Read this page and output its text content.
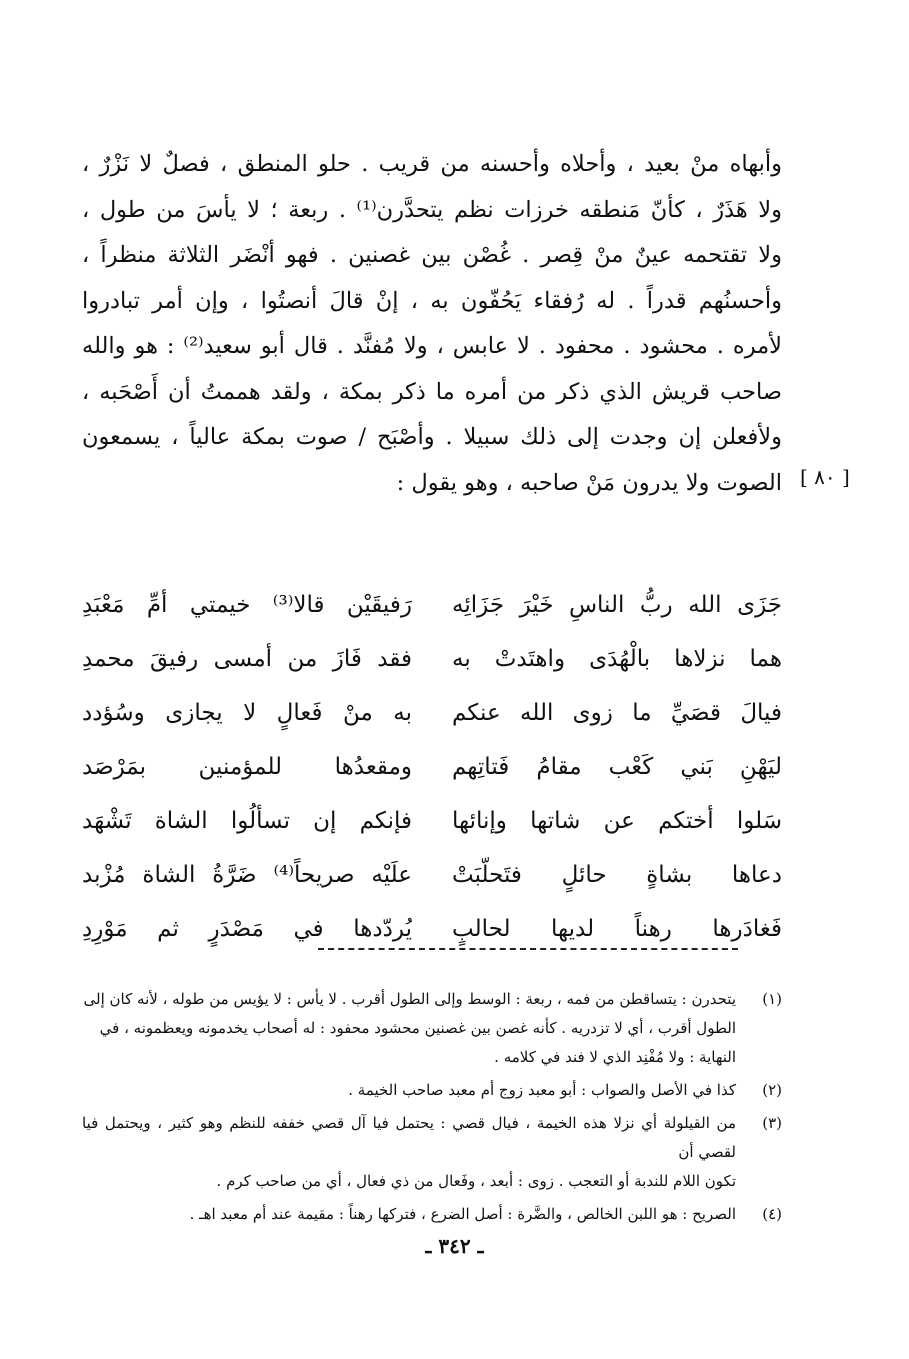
وأبهاه منْ بعيد ، وأحلاه وأحسنه من قريب . حلو المنطق ، فصلٌ لا نَزْرٌ ،
ولا هَذَرٌ ، كأنّ مَنطقه خرزات نظم يتحدَّرن⁽¹⁾ . ربعة ؛ لا يأسَ من طول ،
ولا تقتحمه عينٌ منْ قِصر . غُصْن بين غصنين . فهو أنْضَر الثلاثة منظراً ،
وأحسنُهم قدراً . له رُفقاء يَحُفّون به ، إنْ قالَ أنصتُوا ، وإن أمر تبادروا
لأمره . محشود . محفود . لا عابس ، ولا مُفنَّد . قال أبو سعيد⁽²⁾ : هو والله
صاحب قريش الذي ذكر من أمره ما ذكر بمكة ، ولقد هممتُ أن أَصْحَبه ،
ولأفعلن إن وجدت إلى ذلك سبيلا . وأصْبَح / صوت بمكة عالياً ، يسمعون
الصوت ولا يدرون مَنْ صاحبه ، وهو يقول : [ ٨٠ ]
جَزَى الله ربُّ الناسِ خَيْرَ جَزَائِه
رَفيقَيْن قالا⁽³⁾ خيمتي أمِّ مَعْبَدِ
هما نزلاها بالْهُدَى واهتَدتْ به
فقد فَازَ من أمسى رفيقَ محمدِ
فيالَ قصَيِّ ما زوى الله عنكم
به منْ فَعالٍ لا يجازى وسُؤدد
ليَهْنِ بَني كَعْب مقامُ فَتاتِهم
ومقعدُها للمؤمنين بمَرْصَد
سَلوا أختكم عن شاتها وإنائها
فإنكم إن تسألُوا الشاة تَشْهَد
دعاها بشاةٍ حائلٍ فتَحلّبَتْ
علَيْه صريحاً⁽⁴⁾ ضَرَّةُ الشاة مُزْبد
فَغادَرها رهناً لديها لحالبٍ
يُردّدها في مَصْدَرٍ ثم مَوْرِدِ
(١)
يتحدرن : يتساقطن من فمه ، ربعة : الوسط وإلى الطول أقرب . لا يأس : لا يؤيس من طوله ، لأنه كان إلى
الطول أقرب ، أي لا تزدريه . كأنه غصن بين غصنين محشود محفود : له أصحاب يخدمونه ويعظمونه ، في
النهاية : ولا مُفْنِد الذي لا فند في كلامه .
(٢)
كذا في الأصل والصواب : أبو معبد زوج أم معبد صاحب الخيمة .
(٣)
من القيلولة أي نزلا هذه الخيمة ، فيال قصي : يحتمل فيا آل قصي خففه للنظم وهو كثير ، ويحتمل فيا لقصي أن
تكون اللام للندبة أو التعجب . زوى : أبعد ، وفَعال من ذي فعال ، أي من صاحب كرم .
(٤)
الصريح : هو اللبن الخالص ، والضَّرة : أصل الضرع ، فتركها رهناً : مقيمة عند أم معبد اهـ .
ـ ٣٤٢ ـ
